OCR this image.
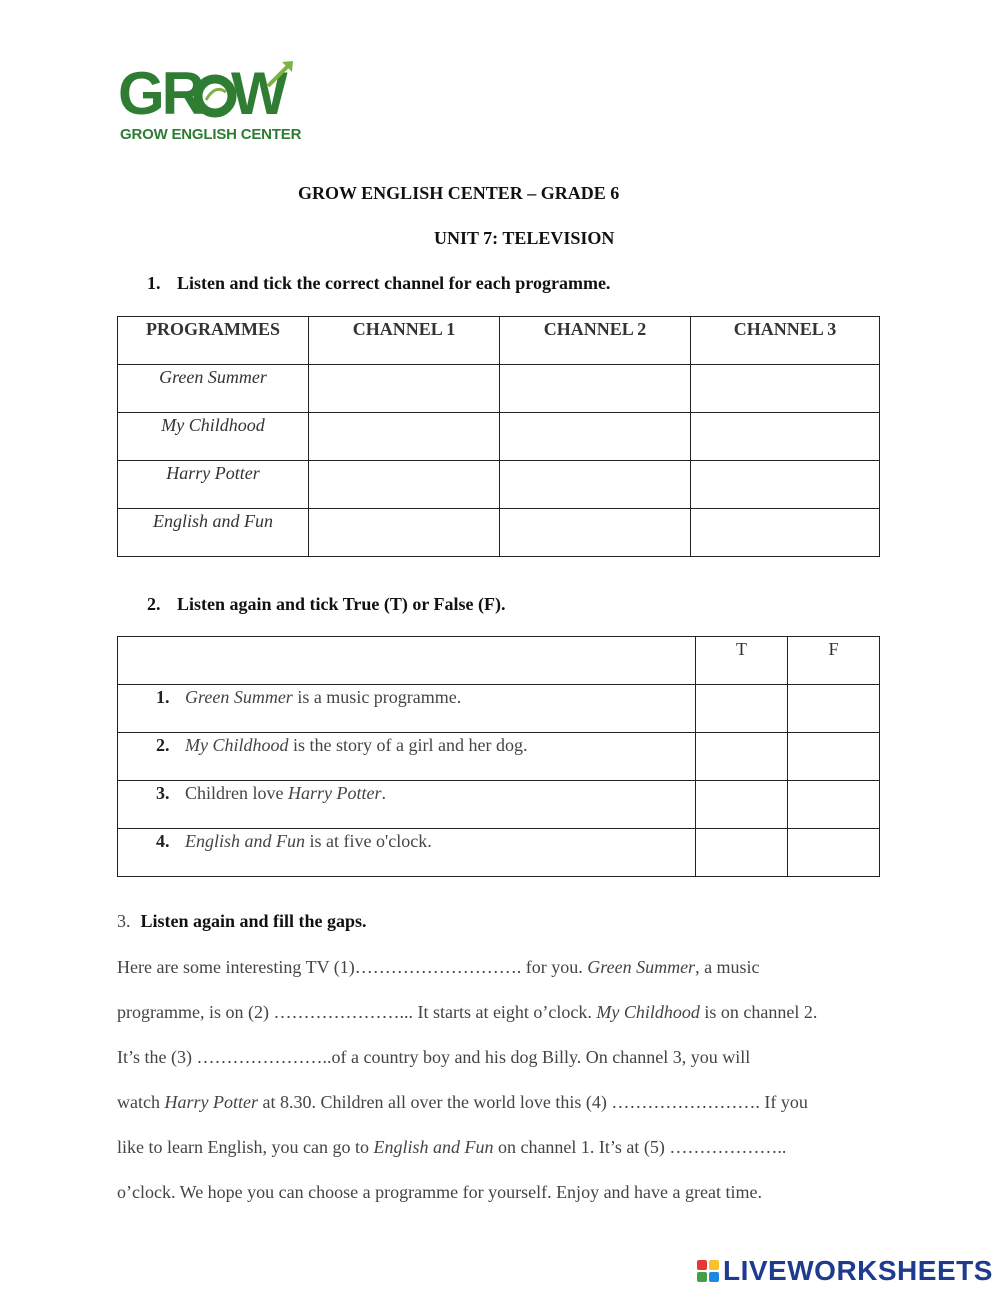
GR W
GROW ENGLISH CENTER
GROW ENGLISH CENTER – GRADE 6
UNIT 7: TELEVISION
1. Listen and tick the correct channel for each programme.
PROGRAMMES	CHANNEL 1	CHANNEL 2	CHANNEL 3
Green Summer			
My Childhood			
Harry Potter			
English and Fun			
2. Listen again and tick True (T) or False (F).
	T	F
1. Green Summer is a music programme.		
2. My Childhood is the story of a girl and her dog.		
3. Children love Harry Potter.		
4. English and Fun is at five o'clock.		
3. Listen again and fill the gaps.
Here are some interesting TV (1)………………………. for you. Green Summer, a music
programme, is on (2) …………………... It starts at eight o’clock. My Childhood is on channel 2.
It’s the (3) …………………..of a country boy and his dog Billy. On channel 3, you will
watch Harry Potter at 8.30. Children all over the world love this (4) ……………………. If you
like to learn English, you can go to English and Fun on channel 1. It’s at (5) ………………..
o’clock. We hope you can choose a programme for yourself. Enjoy and have a great time.
LIVEWORKSHEETS
